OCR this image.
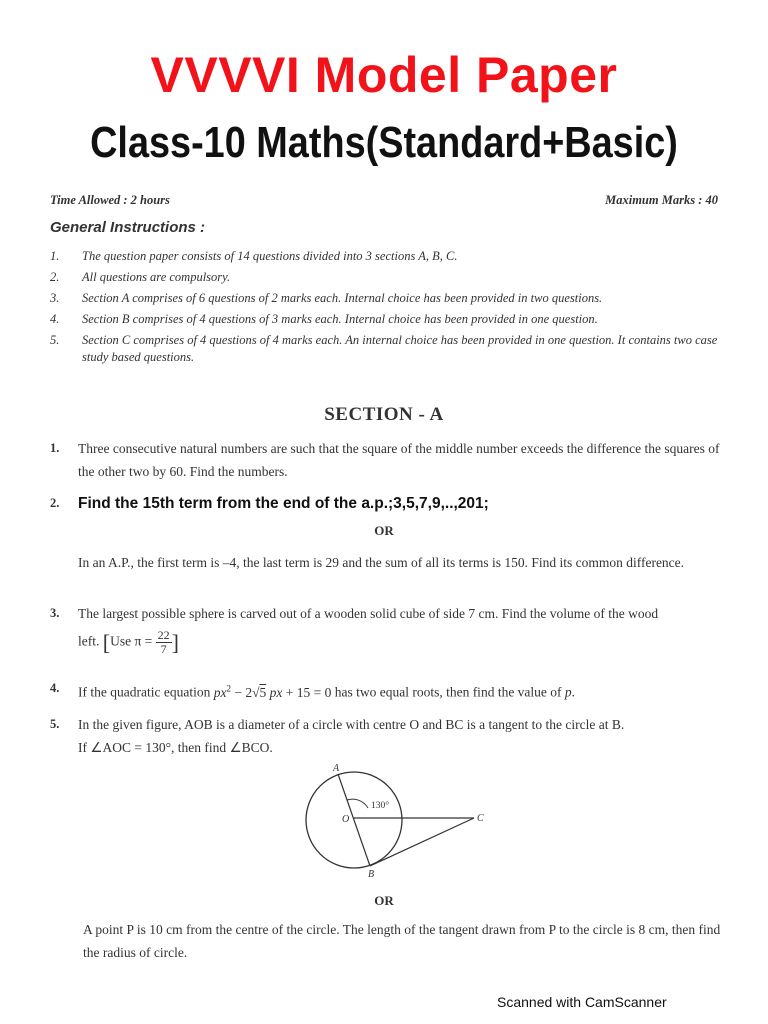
VVVVI Model Paper
Class-10 Maths(Standard+Basic)
Time Allowed : 2 hours	Maximum Marks : 40
General Instructions :
1. The question paper consists of 14 questions divided into 3 sections A, B, C.
2. All questions are compulsory.
3. Section A comprises of 6 questions of 2 marks each. Internal choice has been provided in two questions.
4. Section B comprises of 4 questions of 3 marks each. Internal choice has been provided in one question.
5. Section C comprises of 4 questions of 4 marks each. An internal choice has been provided in one question. It contains two case study based questions.
SECTION - A
1. Three consecutive natural numbers are such that the square of the middle number exceeds the difference the squares of the other two by 60. Find the numbers.
2. Find the 15th term from the end of the a.p.;3,5,7,9,..,201;
OR
In an A.P., the first term is –4, the last term is 29 and the sum of all its terms is 150. Find its common difference.
3. The largest possible sphere is carved out of a wooden solid cube of side 7 cm. Find the volume of the wood
left. [Use $\pi = \frac{22}{7}$ ]
4. If the quadratic equation $px^2 - 2√5$ px + 15 = 0 has two equal roots, then find the value of p.
5. In the given figure, AOB is a diameter of a circle with centre O and BC is a tangent to the circle at B.
If ∠AOC = 130°, then find ∠BCO.
A
B
C
O
130°
OR
A point P is 10 cm from the centre of the circle. The length of the tangent drawn from P to the circle is 8 cm, then find the radius of circle.
Scanned with CamScanner
